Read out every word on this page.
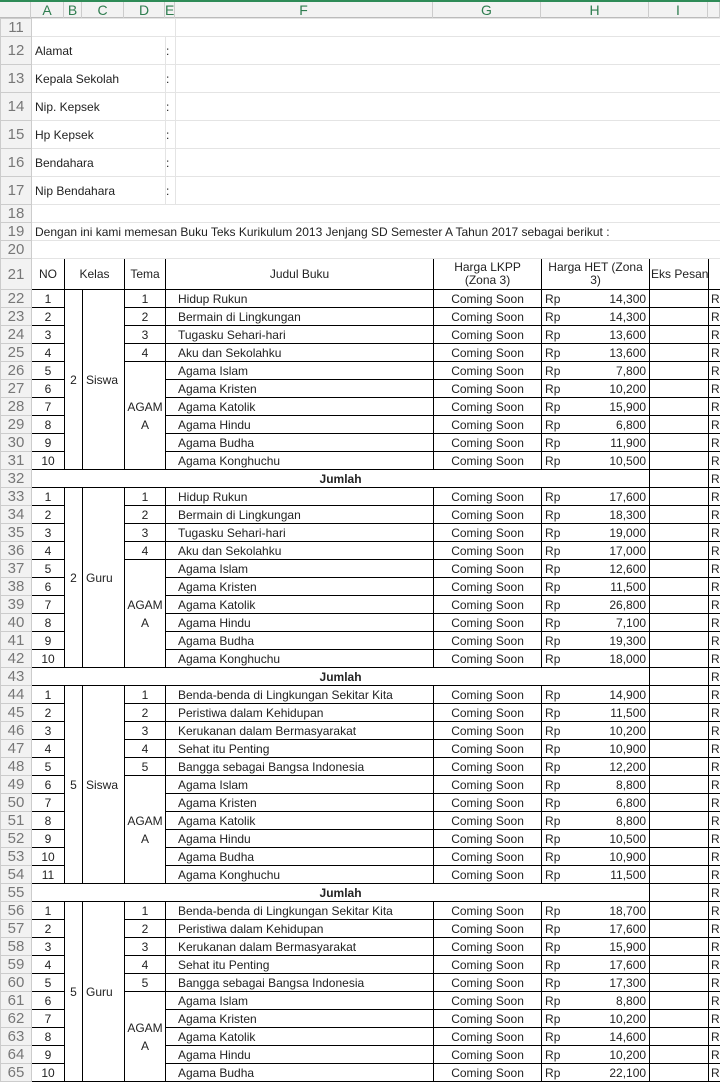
A	B	C	D	E	F	G	H	I
11										
12	Alamat				:					
13	Kepala Sekolah				:					
14	Nip. Kepsek				:					
15	Hp Kepsek				:					
16	Bendahara				:					
17	Nip Bendahara				:					
18										
19	Dengan ini kami memesan Buku Teks Kurikulum 2013 Jenjang SD Semester A Tahun 2017 sebagai berikut :									
20										
21	NO	Kelas		Tema	Judul Buku		Harga LKPP (Zona 3)	Harga HET (Zona 3)	Eks Pesan	
22	1	2	Siswa	1	Hidup Rukun		Coming Soon	Rp 14,300		R
23	2			2	Bermain di Lingkungan		Coming Soon	Rp 14,300		R
24	3			3	Tugasku Sehari-hari		Coming Soon	Rp 13,600		R
25	4			4	Aku dan Sekolahku		Coming Soon	Rp 13,600		R
26	5			AGAMA	Agama Islam		Coming Soon	Rp 7,800		R
27	6				Agama Kristen		Coming Soon	Rp 10,200		R
28	7				Agama Katolik		Coming Soon	Rp 15,900		R
29	8				Agama Hindu		Coming Soon	Rp 6,800		R
30	9				Agama Budha		Coming Soon	Rp 11,900		R
31	10				Agama Konghuchu		Coming Soon	Rp 10,500		R
32	Jumlah									R
33	1	2	Guru	1	Hidup Rukun		Coming Soon	Rp 17,600		R
34	2			2	Bermain di Lingkungan		Coming Soon	Rp 18,300		R
35	3			3	Tugasku Sehari-hari		Coming Soon	Rp 19,000		R
36	4			4	Aku dan Sekolahku		Coming Soon	Rp 17,000		R
37	5			AGAMA	Agama Islam		Coming Soon	Rp 12,600		R
38	6				Agama Kristen		Coming Soon	Rp 11,500		R
39	7				Agama Katolik		Coming Soon	Rp 26,800		R
40	8				Agama Hindu		Coming Soon	Rp 7,100		R
41	9				Agama Budha		Coming Soon	Rp 19,300		R
42	10				Agama Konghuchu		Coming Soon	Rp 18,000		R
43	Jumlah									R
44	1	5	Siswa	1	Benda-benda di Lingkungan Sekitar Kita		Coming Soon	Rp 14,900		R
45	2			2	Peristiwa dalam Kehidupan		Coming Soon	Rp 11,500		R
46	3			3	Kerukanan dalam Bermasyarakat		Coming Soon	Rp 10,200		R
47	4			4	Sehat itu Penting		Coming Soon	Rp 10,900		R
48	5			5	Bangga sebagai Bangsa Indonesia		Coming Soon	Rp 12,200		R
49	6			AGAMA	Agama Islam		Coming Soon	Rp 8,800		R
50	7				Agama Kristen		Coming Soon	Rp 6,800		R
51	8				Agama Katolik		Coming Soon	Rp 8,800		R
52	9				Agama Hindu		Coming Soon	Rp 10,500		R
53	10				Agama Budha		Coming Soon	Rp 10,900		R
54	11				Agama Konghuchu		Coming Soon	Rp 11,500		R
55	Jumlah									R
56	1	5	Guru	1	Benda-benda di Lingkungan Sekitar Kita		Coming Soon	Rp 18,700		R
57	2			2	Peristiwa dalam Kehidupan		Coming Soon	Rp 17,600		R
58	3			3	Kerukanan dalam Bermasyarakat		Coming Soon	Rp 15,900		R
59	4			4	Sehat itu Penting		Coming Soon	Rp 17,600		R
60	5			5	Bangga sebagai Bangsa Indonesia		Coming Soon	Rp 17,300		R
61	6			AGAMA	Agama Islam		Coming Soon	Rp 8,800		R
62	7				Agama Kristen		Coming Soon	Rp 10,200		R
63	8				Agama Katolik		Coming Soon	Rp 14,600		R
64	9				Agama Hindu		Coming Soon	Rp 10,200		R
65	10				Agama Budha		Coming Soon	Rp 22,100		R
